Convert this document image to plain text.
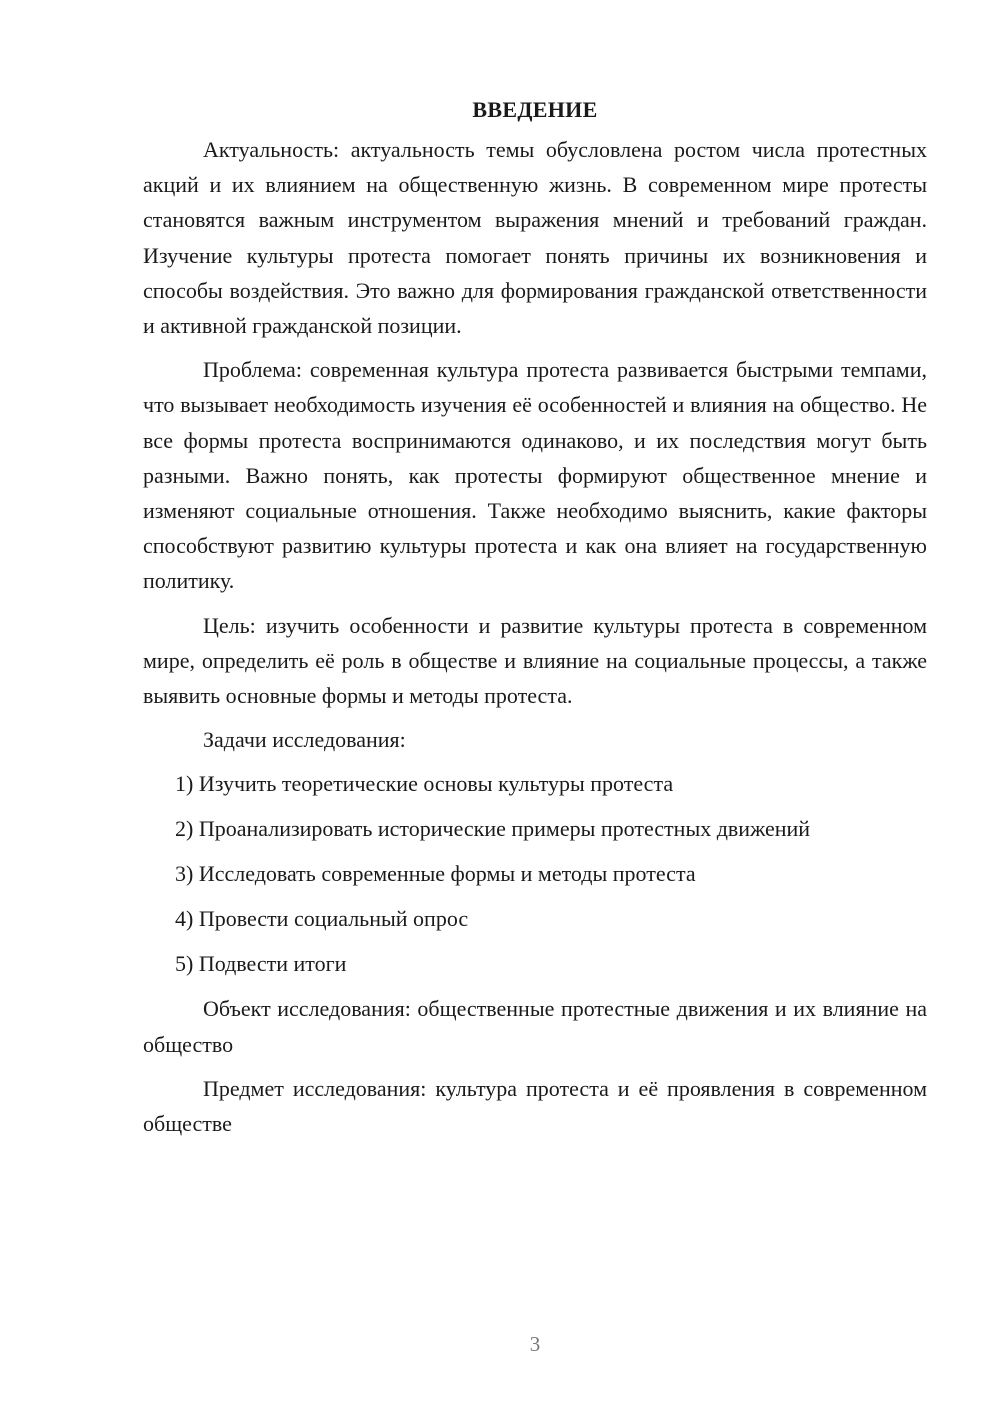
ВВЕДЕНИЕ

Актуальность: актуальность темы обусловлена ростом числа протестных акций и их влиянием на общественную жизнь. В современном мире протесты становятся важным инструментом выражения мнений и требований граждан. Изучение культуры протеста помогает понять причины их возникновения и способы воздействия. Это важно для формирования гражданской ответственности и активной гражданской позиции.

Проблема: современная культура протеста развивается быстрыми темпами, что вызывает необходимость изучения её особенностей и влияния на общество. Не все формы протеста воспринимаются одинаково, и их последствия могут быть разными. Важно понять, как протесты формируют общественное мнение и изменяют социальные отношения. Также необходимо выяснить, какие факторы способствуют развитию культуры протеста и как она влияет на государственную политику.

Цель: изучить особенности и развитие культуры протеста в современном мире, определить её роль в обществе и влияние на социальные процессы, а также выявить основные формы и методы протеста.

Задачи исследования:
1) Изучить теоретические основы культуры протеста
2) Проанализировать исторические примеры протестных движений
3) Исследовать современные формы и методы протеста
4) Провести социальный опрос
5) Подвести итоги

Объект исследования: общественные протестные движения и их влияние на общество

Предмет исследования: культура протеста и её проявления в современном обществе

3
